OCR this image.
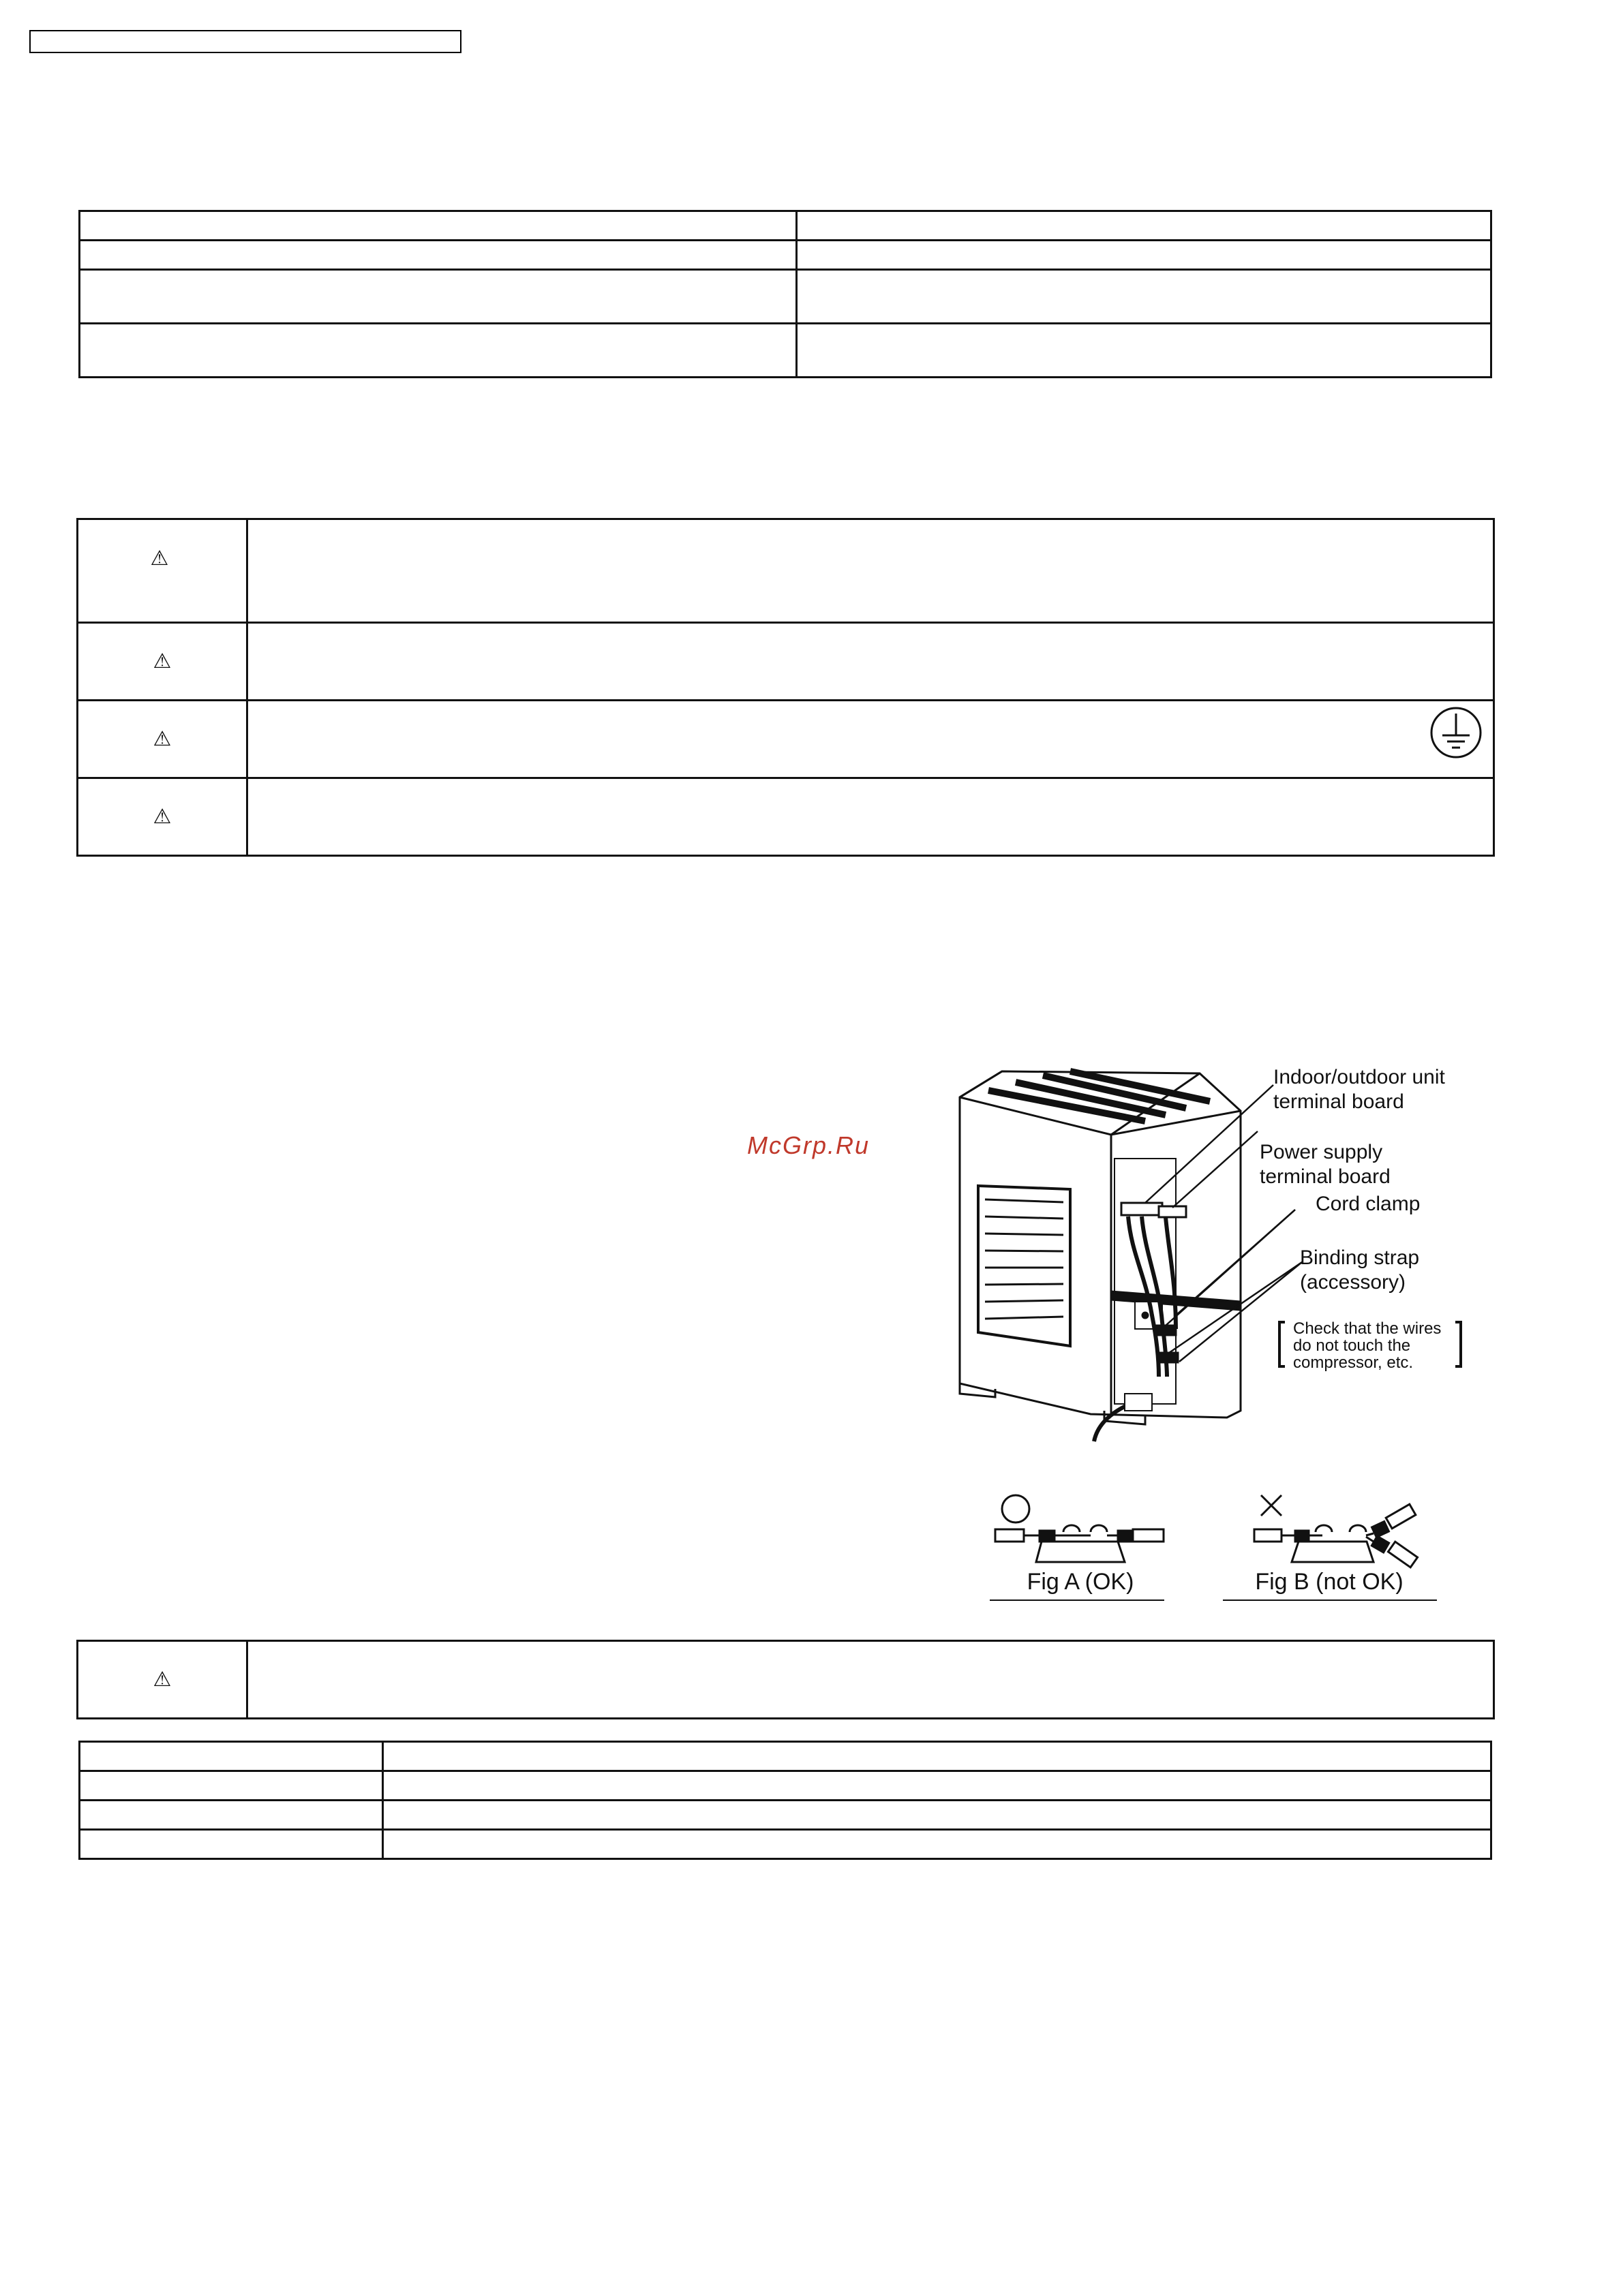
⚠	

⚠	

⚠

⚠	

McGrp.Ru
Indoor/outdoor unit
terminal board
Power supply
terminal board
Cord clamp
Binding strap
(accessory)
Check that the wires
do not touch the
compressor, etc.
Fig A (OK)	Fig B (not OK)
⚠
